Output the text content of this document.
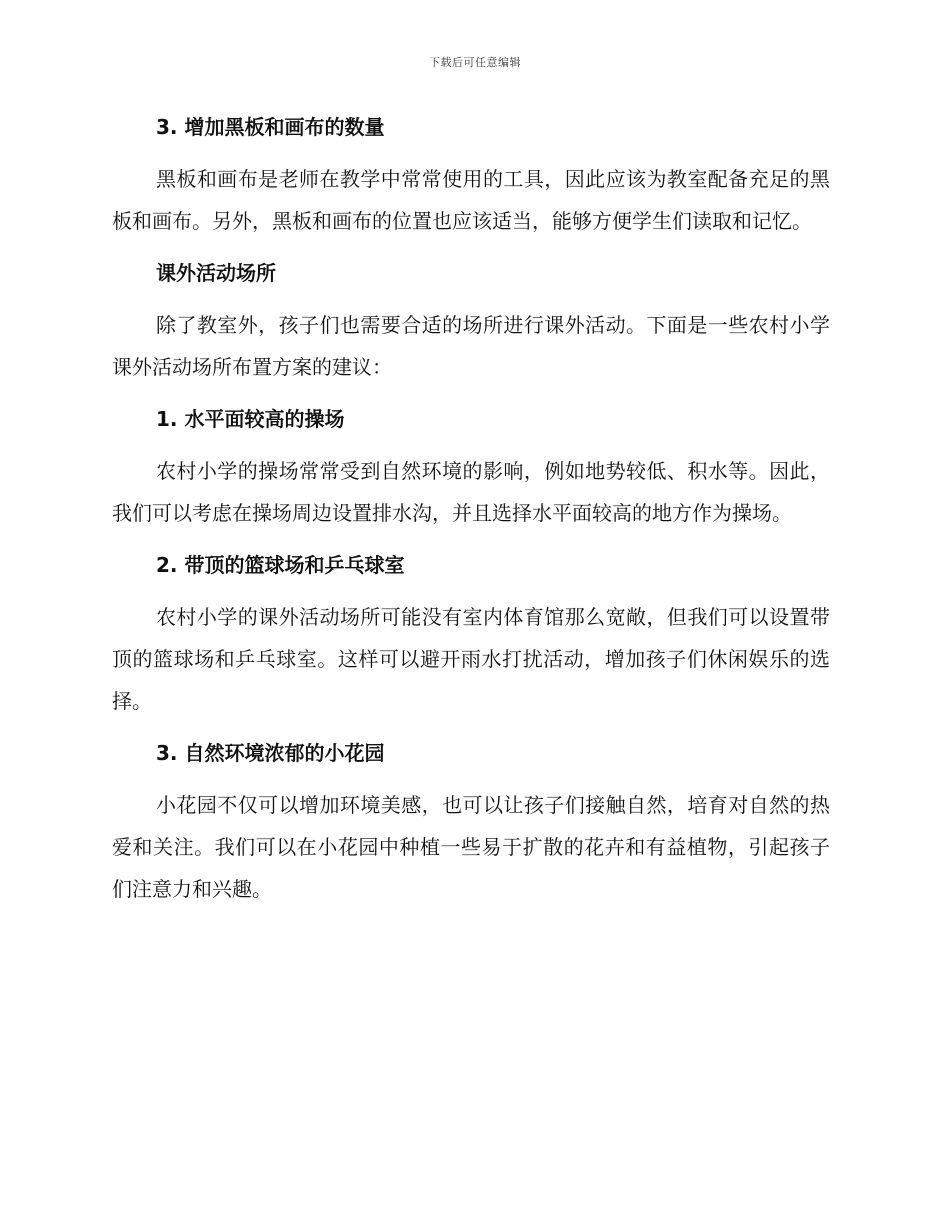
下载后可任意编辑
3. 增加黑板和画布的数量

黑板和画布是老师在教学中常常使用的工具，因此应该为教室配备充足的黑板和画布。另外，黑板和画布的位置也应该适当，能够方便学生们读取和记忆。

课外活动场所

除了教室外，孩子们也需要合适的场所进行课外活动。下面是一些农村小学课外活动场所布置方案的建议：

1. 水平面较高的操场

农村小学的操场常常受到自然环境的影响，例如地势较低、积水等。因此，我们可以考虑在操场周边设置排水沟，并且选择水平面较高的地方作为操场。

2. 带顶的篮球场和乒乓球室

农村小学的课外活动场所可能没有室内体育馆那么宽敞，但我们可以设置带顶的篮球场和乒乓球室。这样可以避开雨水打扰活动，增加孩子们休闲娱乐的选择。

3. 自然环境浓郁的小花园

小花园不仅可以增加环境美感，也可以让孩子们接触自然，培育对自然的热爱和关注。我们可以在小花园中种植一些易于扩散的花卉和有益植物，引起孩子们注意力和兴趣。
